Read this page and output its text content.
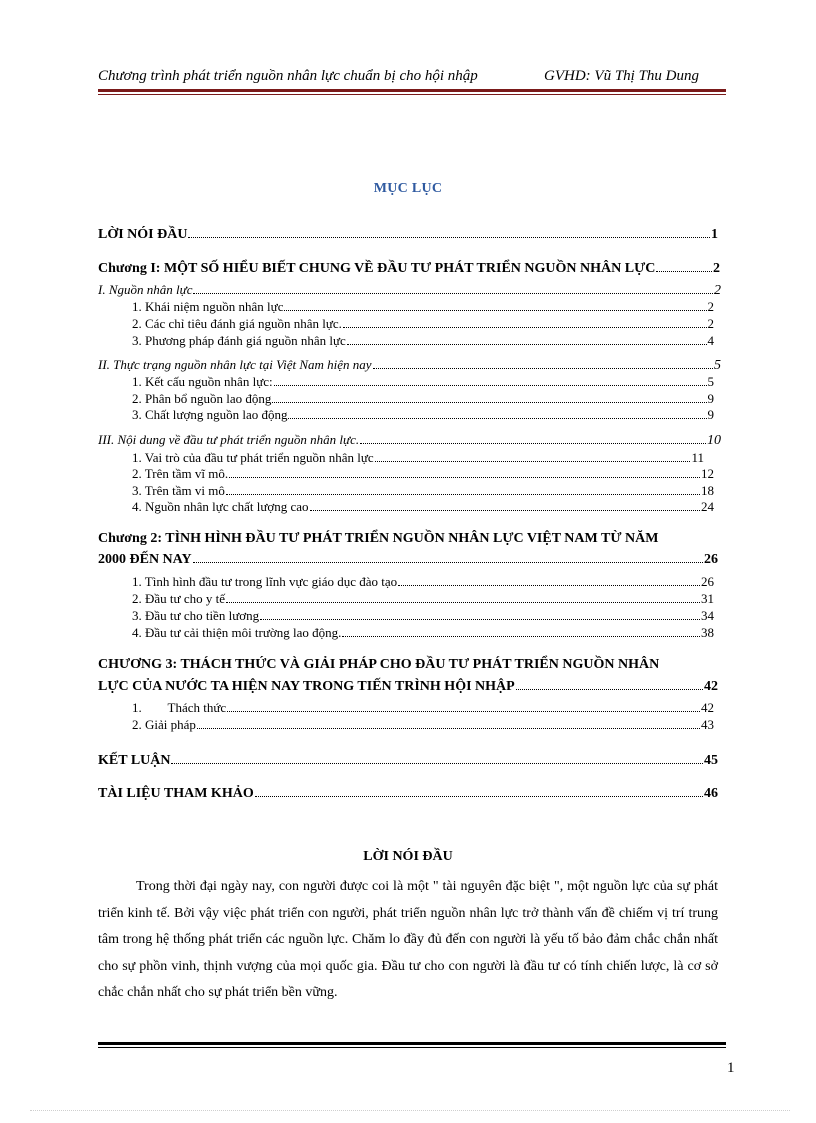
Chương trình phát triển nguồn nhân lực chuẩn bị cho hội nhập	GVHD: Vũ Thị Thu Dung
MỤC LỤC
LỜI NÓI ĐẦU	1
Chương I: MỘT SỐ HIỂU BIẾT CHUNG VỀ ĐẦU TƯ PHÁT TRIỂN NGUỒN NHÂN LỰC	2
I. Nguồn nhân lực	2
1. Khái niệm nguồn nhân lực	2
2. Các chỉ tiêu đánh giá nguồn nhân lực.	2
3. Phương pháp đánh giá nguồn nhân lực	4
II. Thực trạng nguồn nhân lực tại Việt Nam hiện nay	5
1. Kết cấu nguồn nhân lực:	5
2. Phân bổ nguồn lao động	9
3. Chất lượng nguồn lao động	9
III. Nội dung về đầu tư phát triển nguồn nhân lực.	10
1. Vai trò của đầu tư phát triển nguồn nhân lực	11
2. Trên tầm vĩ mô.	12
3. Trên tầm vi mô	18
4. Nguồn nhân lực chất lượng cao	24
Chương 2: TÌNH HÌNH ĐẦU TƯ PHÁT TRIỂN NGUỒN NHÂN LỰC VIỆT NAM TỪ NĂM
2000 ĐẾN NAY	26
1. Tình hình đầu tư trong lĩnh vực giáo dục đào tạo	26
2. Đầu tư cho y tế	31
3. Đầu tư cho tiền lương	34
4. Đầu tư cải thiện môi trường lao động.	38
CHƯƠNG 3: THÁCH THỨC VÀ GIẢI PHÁP CHO ĐẦU TƯ PHÁT TRIỂN NGUỒN NHÂN
LỰC CỦA NƯỚC TA HIỆN NAY TRONG TIẾN TRÌNH HỘI NHẬP	42
1.        Thách thức	42
2. Giải pháp	43
KẾT LUẬN	45
TÀI LIỆU THAM KHẢO	46
LỜI NÓI ĐẦU
Trong thời đại ngày nay, con người được coi là một " tài nguyên đặc biệt ", một nguồn lực của sự phát triển kinh tế. Bởi vậy việc phát triển con người, phát triển nguồn nhân lực trở thành vấn đề chiếm vị trí trung tâm trong hệ thống phát triển các nguồn lực. Chăm lo đầy đủ đến con người là yếu tố bảo đảm chắc chắn nhất cho sự phồn vinh, thịnh vượng của mọi quốc gia. Đầu tư cho con người là đầu tư có tính chiến lược, là cơ sở chắc chắn nhất cho sự phát triển bền vững.
1
